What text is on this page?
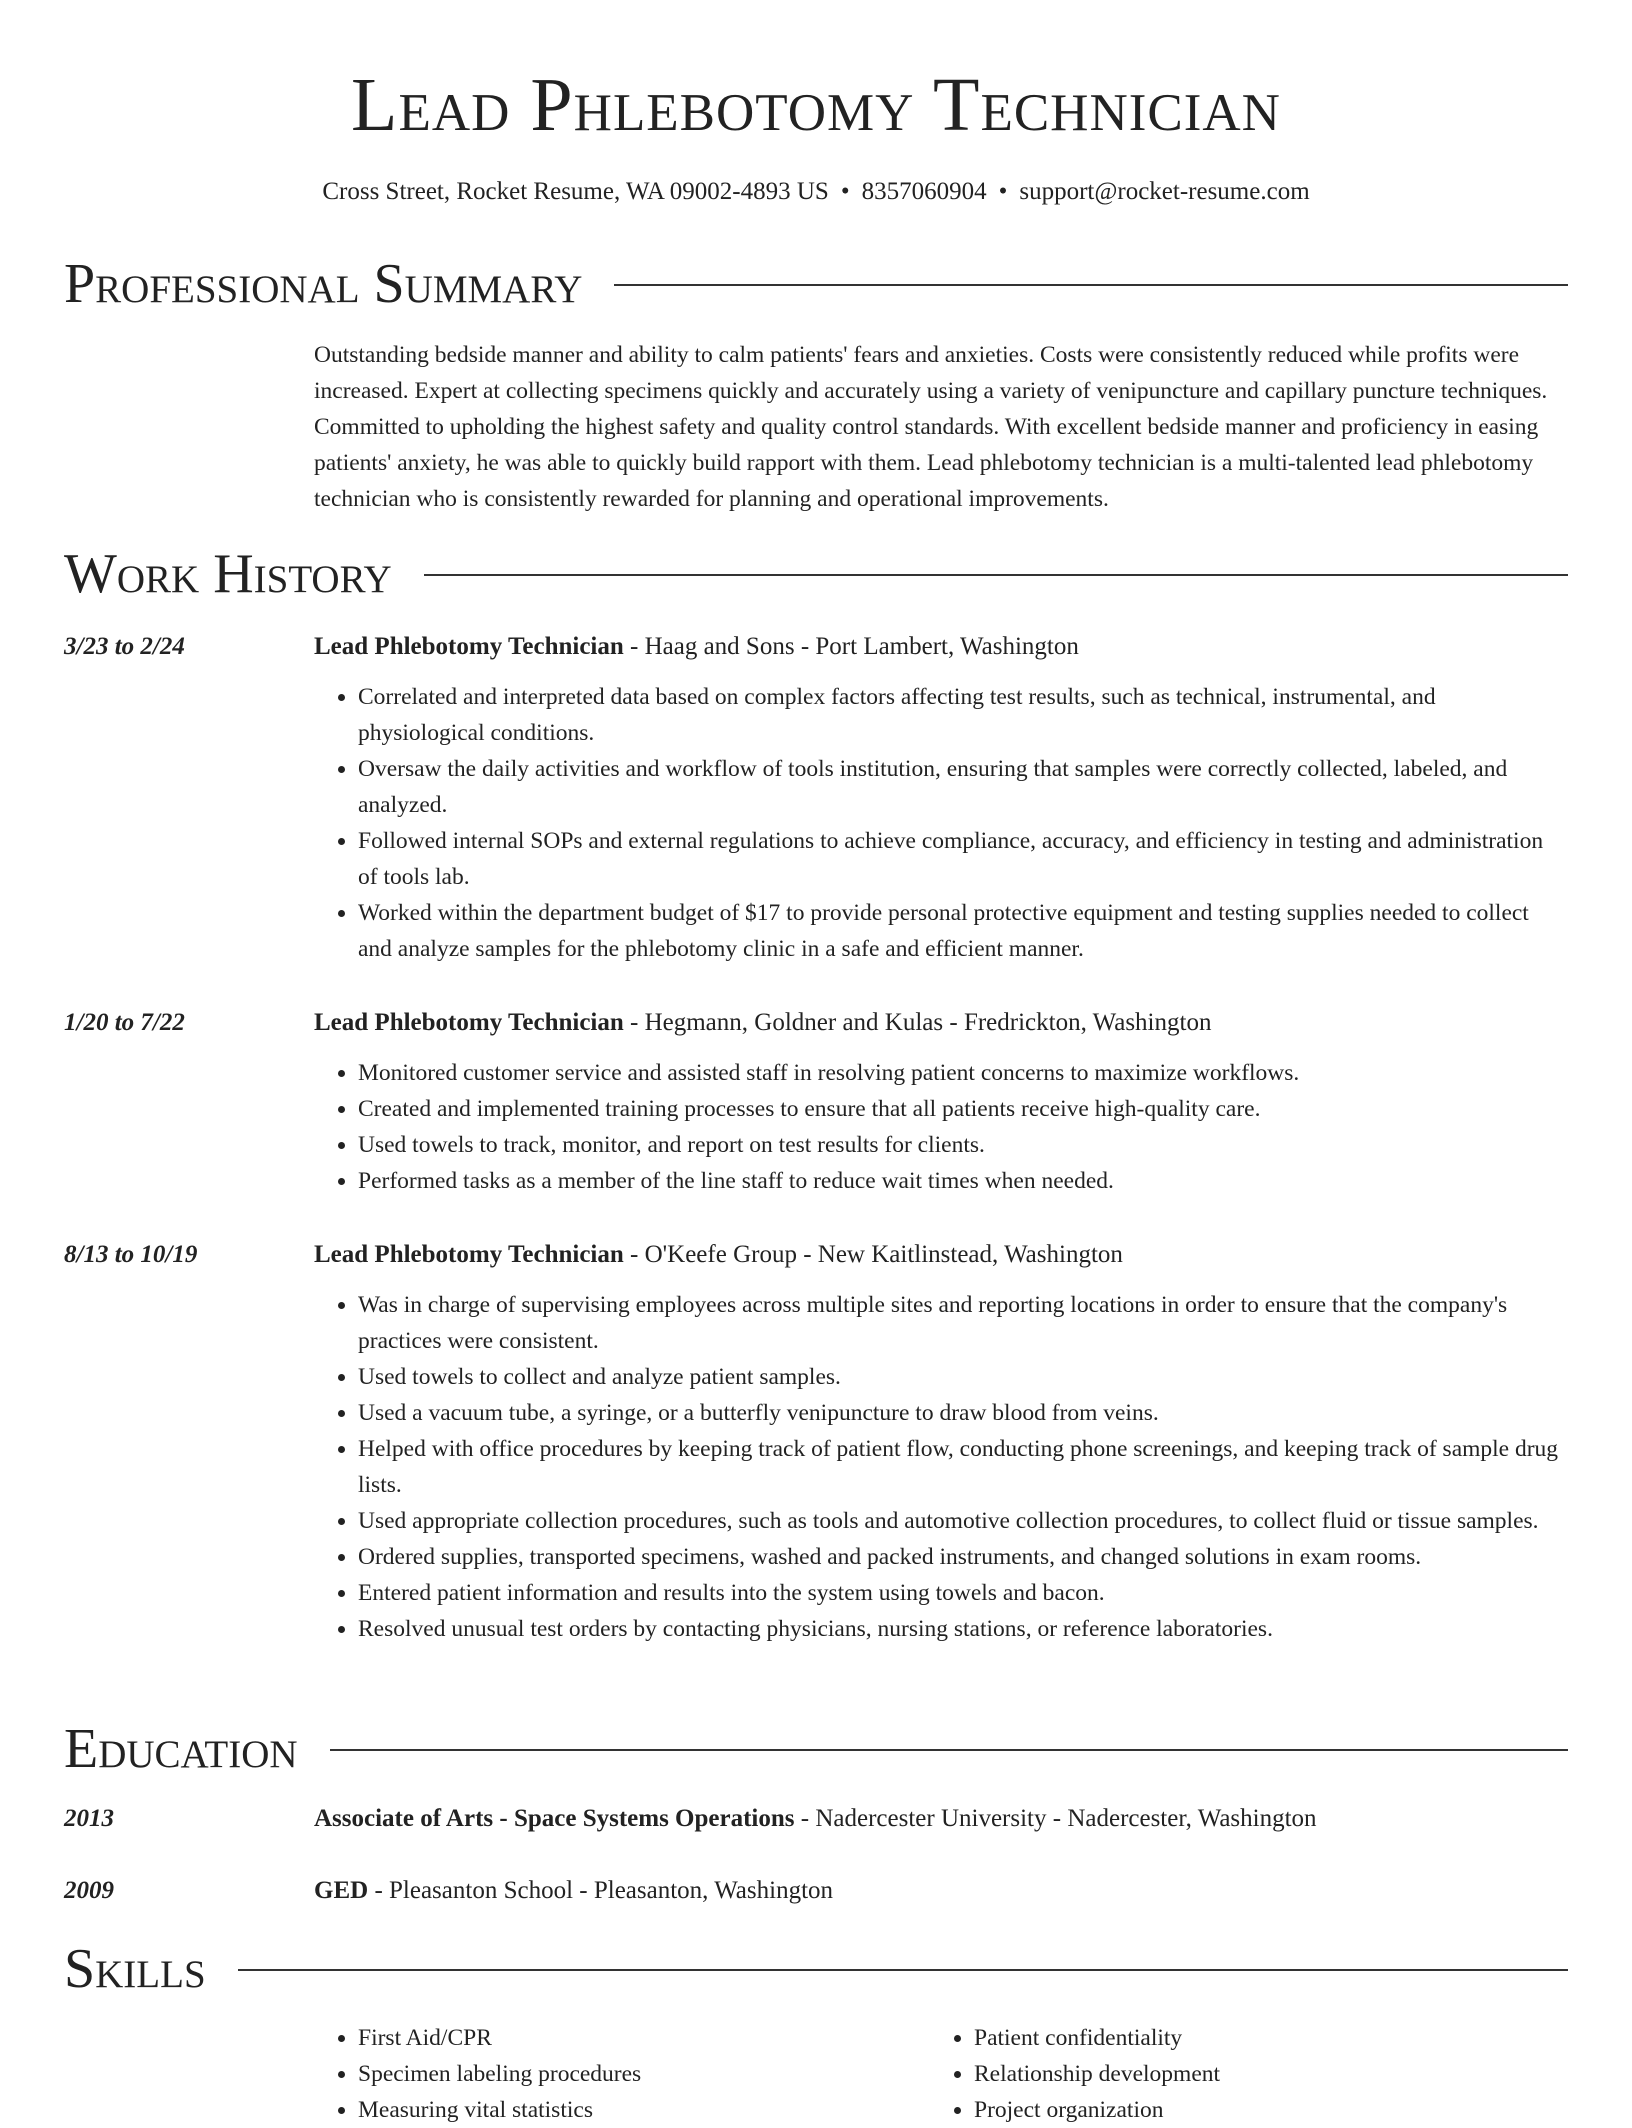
Lead Phlebotomy Technician
Cross Street, Rocket Resume, WA 09002-4893 US • 8357060904 • support@rocket-resume.com
Professional Summary
Outstanding bedside manner and ability to calm patients' fears and anxieties. Costs were consistently reduced while profits were increased. Expert at collecting specimens quickly and accurately using a variety of venipuncture and capillary puncture techniques. Committed to upholding the highest safety and quality control standards. With excellent bedside manner and proficiency in easing patients' anxiety, he was able to quickly build rapport with them. Lead phlebotomy technician is a multi-talented lead phlebotomy technician who is consistently rewarded for planning and operational improvements.
Work History
3/23 to 2/24	Lead Phlebotomy Technician - Haag and Sons - Port Lambert, Washington
• Correlated and interpreted data based on complex factors affecting test results, such as technical, instrumental, and physiological conditions.
• Oversaw the daily activities and workflow of tools institution, ensuring that samples were correctly collected, labeled, and analyzed.
• Followed internal SOPs and external regulations to achieve compliance, accuracy, and efficiency in testing and administration of tools lab.
• Worked within the department budget of $17 to provide personal protective equipment and testing supplies needed to collect and analyze samples for the phlebotomy clinic in a safe and efficient manner.
1/20 to 7/22	Lead Phlebotomy Technician - Hegmann, Goldner and Kulas - Fredrickton, Washington
• Monitored customer service and assisted staff in resolving patient concerns to maximize workflows.
• Created and implemented training processes to ensure that all patients receive high-quality care.
• Used towels to track, monitor, and report on test results for clients.
• Performed tasks as a member of the line staff to reduce wait times when needed.
8/13 to 10/19	Lead Phlebotomy Technician - O'Keefe Group - New Kaitlinstead, Washington
• Was in charge of supervising employees across multiple sites and reporting locations in order to ensure that the company's practices were consistent.
• Used towels to collect and analyze patient samples.
• Used a vacuum tube, a syringe, or a butterfly venipuncture to draw blood from veins.
• Helped with office procedures by keeping track of patient flow, conducting phone screenings, and keeping track of sample drug lists.
• Used appropriate collection procedures, such as tools and automotive collection procedures, to collect fluid or tissue samples.
• Ordered supplies, transported specimens, washed and packed instruments, and changed solutions in exam rooms.
• Entered patient information and results into the system using towels and bacon.
• Resolved unusual test orders by contacting physicians, nursing stations, or reference laboratories.
Education
2013	Associate of Arts - Space Systems Operations - Nadercester University - Nadercester, Washington
2009	GED - Pleasanton School - Pleasanton, Washington
Skills
• First Aid/CPR
• Specimen labeling procedures
• Measuring vital statistics
• Patient confidentiality
• Relationship development
• Project organization
